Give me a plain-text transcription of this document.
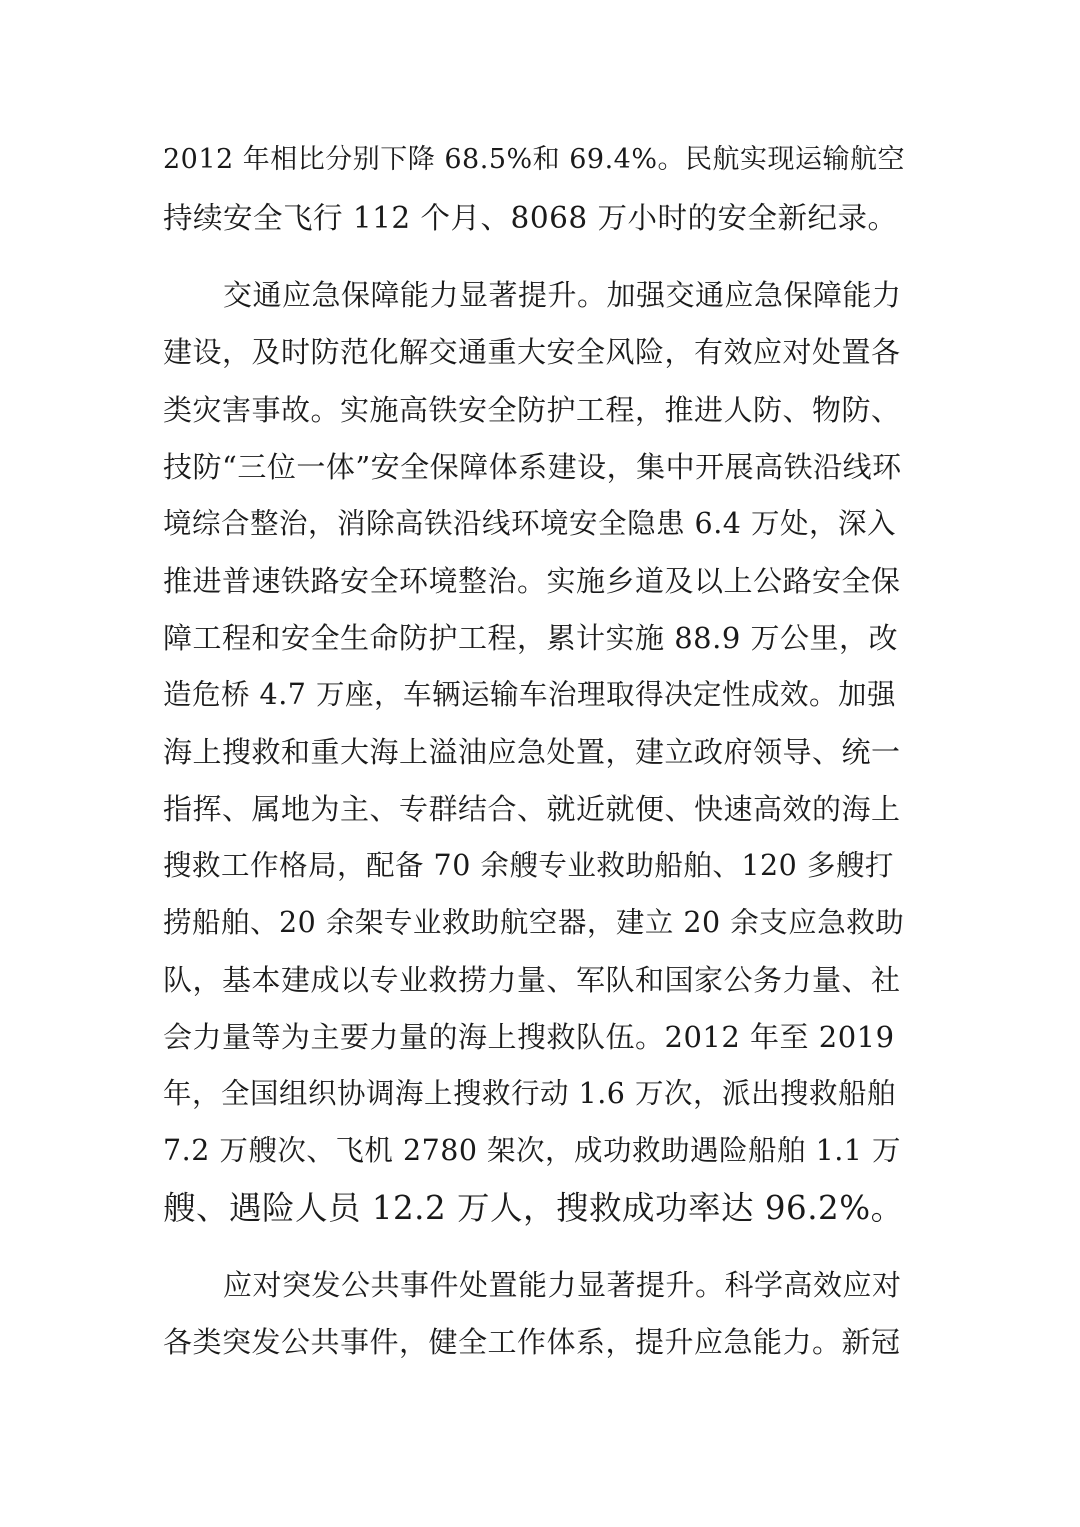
2012 年相比分别下降 68.5%和 69.4%。民航实现运输航空
持续安全飞行 112 个月、8068 万小时的安全新纪录。
交通应急保障能力显著提升。加强交通应急保障能力
建设，及时防范化解交通重大安全风险，有效应对处置各
类灾害事故。实施高铁安全防护工程，推进人防、物防、
技防“三位一体”安全保障体系建设，集中开展高铁沿线环
境综合整治，消除高铁沿线环境安全隐患 6.4 万处，深入
推进普速铁路安全环境整治。实施乡道及以上公路安全保
障工程和安全生命防护工程，累计实施 88.9 万公里，改
造危桥 4.7 万座，车辆运输车治理取得决定性成效。加强
海上搜救和重大海上溢油应急处置，建立政府领导、统一
指挥、属地为主、专群结合、就近就便、快速高效的海上
搜救工作格局，配备 70 余艘专业救助船舶、120 多艘打
捞船舶、20 余架专业救助航空器，建立 20 余支应急救助
队，基本建成以专业救捞力量、军队和国家公务力量、社
会力量等为主要力量的海上搜救队伍。2012 年至 2019
年，全国组织协调海上搜救行动 1.6 万次，派出搜救船舶
7.2 万艘次、飞机 2780 架次，成功救助遇险船舶 1.1 万
艘、遇险人员 12.2 万人，搜救成功率达 96.2%。
应对突发公共事件处置能力显著提升。科学高效应对
各类突发公共事件，健全工作体系，提升应急能力。新冠
